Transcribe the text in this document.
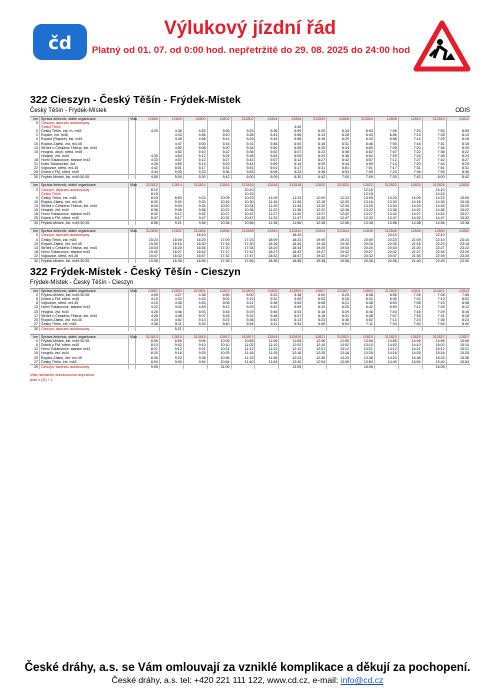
čd
Výlukový jízdní řád
Platný od 01. 07. od 0:00 hod. nepřetržitě do 29. 08. 2025 do 24:00 hod
322 Cieszyn - Český Těšín - Frýdek-Místek
Český Těšín - Frýdek-Místek	ODIS
km	Správa železnic, státní organizace	Vlak	12860	12800	32800	12802	312802	12804	12806	312800	12808	312804	12808	12810	312810	12812
0	Cieszyn, dworzec autobusowy															
	Český Těšín								4:40							
0	Český Těšín, žst. m. m45		4:25	4:36	4:53	5:36	5:23	5:36	6:09	6:20	6:34	6:53	7:08	7:23	7:53	8:09
2	Ropice, žst. m45			4:43	4:56	5:10	5:28	5:43	5:56	6:13	6:28	6:43	6:56	7:13	7:28	8:13
4	Ropice (Rapice), žst. m45			4:45	4:58	5:14	5:29	5:44	5:58	6:16	6:29	6:44	6:58	7:14	7:29	8:16
10	Ropice-Zálesí, žst. m4.45			4:47	5:00	5:16	5:31	5:46	6:00	6:18	6:31	6:46	7:00	7:16	7:31	8:18
13	Střítež u Českého Těšína, žst. m44			4:50	5:08	5:20	5:34	5:50	6:05	6:20	6:34	6:50	7:05	7:20	7:34	8:20
15	Hnojník, obch. střed. m45			4:52	5:10	5:22	5:36	5:52	6:07	6:22	6:36	6:52	7:07	7:22	7:36	8:22
	Hnojník, žst. m44		4:30	4:54	5:12	5:24	5:38	5:54	6:09	6:24	6:38	6:54	7:09	7:24	7:38	8:24
18	Horní Tošanovice, stanice m43		4:33	4:57	5:12	5:27	5:42	5:57	6:12	6:27	6:42	6:57	7:12	7:27	7:42	8:27
21	Dolní Tošanovice, žst.		4:35	4:59	5:14	5:29	5:44	5:59	6:14	6:29	6:44	6:59	7:14	7:29	7:44	8:29
22	Vojkovice, střed. m4.45		4:42	5:01	5:17	5:31	5:51	6:01	6:17	6:31	6:51	7:01	7:17	7:31	7:51	8:31
25	Dobrá u FM, střed. m45		4:44	5:05	5:23	5:36	5:53	6:05	6:23	6:36	6:53	7:05	7:23	7:36	7:53	8:36
30	Frýdek-Místek, žst. m49.50.55		4:50	5:09	5:30	5:42	6:00	6:09	6:30	6:42	7:00	7:09	7:30	7:42	8:00	8:42
km	Správa železnic, státní organizace	Vlak	312812	12814	312814	12816	312816	12818	312818	12820	312820	12822	312822	12824	312826	12830
0	Cieszyn, dworzec autobusowy		8:10				10:10					12:10			14:10	
	Český Těšín		8:15				10:15					12:15			14:15	
0	Český Těšín, žst. m45		8:20	8:53	9:23	10:09	10:23	11:09	11:23	12:09	12:23	13:09	13:23	14:09	14:23	15:09
10	Ropice-Zálesí, žst. m4.45		8:30	9:00	9:30	10:16	10:30	11:16	11:30	12:16	12:30	13:16	13:30	14:16	14:30	15:16
13	Střítež u Českého Těšína, žst. m44		8:34	9:04	9:34	10:20	10:34	11:20	11:34	12:20	12:34	13:20	13:34	14:20	14:34	15:20
15	Hnojník, žst. m44		8:36	9:06	9:36	10:22	10:36	11:22	11:36	12:22	12:36	13:22	13:36	14:22	14:36	15:22
18	Horní Tošanovice, stanice m43		8:42	9:12	9:42	10:27	10:42	11:27	11:42	12:27	12:42	13:27	13:42	14:27	14:42	15:27
25	Dobrá u FM, střed. m45		8:47	9:17	9:47	10:32	10:47	11:32	11:47	12:32	12:47	13:32	13:47	14:32	14:47	15:32
30	Frýdek-Místek, žst. m49.50.55		8:56	9:21	9:56	10:38	10:56	11:38	11:56	12:38	12:56	13:38	13:56	14:38	14:56	15:38
km	Správa železnic, státní organizace	Vlak	312830	12832	312834	12836	312838	12840	312842	12844	312844	12846	312846	12848	12850	12852
0	Cieszyn, dworzec autobusowy				16:10				18:10				20:10		22:10	
0	Český Těšín, žst. m45		15:23	16:09	16:23	17:09	17:23	18:09	18:23	19:09	19:23	20:09	20:23	21:09	22:15	23:10
10	Ropice-Zálesí, žst. m4.45		15:30	16:16	16:30	17:16	17:30	18:16	18:30	19:16	19:30	20:16	20:30	21:16	22:23	23:18
13	Střítež u Českého Těšína, žst. m44		15:34	16:20	16:34	17:20	17:34	18:20	18:34	19:20	19:34	20:20	20:34	21:20	22:27	23:22
18	Horní Tošanovice, stanice m43		15:42	16:27	16:42	17:27	17:42	18:27	18:42	19:27	19:42	20:27	20:42	21:27	22:34	23:29
22	Vojkovice, střed. m4.45		15:47	16:32	16:47	17:32	17:47	18:32	18:47	19:32	19:47	20:32	20:47	21:35	22:39	23:34
30	Frýdek-Místek, žst. m49.50.55		15:56	16:38	16:56	17:38	17:56	18:38	18:56	19:38	19:56	20:38	20:56	21:40	22:45	23:40
322 Frýdek-Místek - Český Těšín - Cieszyn
Frýdek-Místek - Český Těšín - Cieszyn
km	Správa železnic, státní organizace	Vlak	12801	12803	312801	12803	312803	12805	312805	12807	312807	12809	312809	12811	312811	12813
0	Frýdek-Místek, žst. m49.50.55		4:05	4:27	4:38	4:55	5:00	5:22	5:38	6:00	6:25	6:38	6:55	7:05	7:08	7:55
5	Dobrá u FM, střed. m45		4:10	4:32	4:43	5:02	5:15	5:32	5:40	6:02	6:15	6:32	6:40	7:02	7:10	8:02
8	Vojkovice, střed. m4.45		4:15	4:38	4:53	5:08	5:21	5:38	5:53	6:08	6:21	6:38	6:53	7:08	7:15	8:08
12	Horní Tošanovice, stanice m43		4:22	4:42	4:59	5:12	5:25	5:42	5:59	6:12	6:25	6:42	6:59	7:12	7:25	8:12
15	Hnojník, žst. m44		4:26	4:46	5:03	5:16	5:29	5:46	6:03	6:16	6:29	6:46	7:03	7:16	7:29	8:16
17	Střítež u Českého Těšína, žst. m44		4:28	4:48	5:07	5:18	5:31	5:48	6:07	6:18	6:31	6:48	7:07	7:18	7:31	8:18
20	Ropice-Zálesí, žst. m4.45		4:33	4:52	5:13	5:23	5:36	5:52	6:13	6:23	6:36	6:52	7:13	7:23	7:36	8:23
27	Český Těšín, žst. m45		4:38	5:11	5:34	5:40	5:54	6:11	6:34	6:40	6:54	7:11	7:34	7:40	7:54	8:40
30	Cieszyn, dworzec autobusowy			5:21												
km	Správa železnic, státní organizace	Vlak	312813	12815	312815	12817	312817	12819	312819	12821	312821	12823	312823	12825	312827	12827
0	Frýdek-Místek, žst. m49.50.55		8:06	8:55	9:06	10:06	10:55	11:06	11:55	12:06	12:55	13:06	13:55	14:06	14:55	15:06
5	Dobrá u FM, střed. m45		8:10	9:02	9:10	10:10	11:02	11:10	12:02	12:10	13:02	13:10	14:02	14:10	15:02	15:10
12	Horní Tošanovice, stanice m43		8:21	9:12	9:21	10:21	11:12	11:21	12:12	12:21	13:12	13:21	14:12	14:21	15:12	15:21
15	Hnojník, žst. m44		8:25	9:16	9:25	10:25	11:16	11:25	12:16	12:25	13:16	13:25	14:16	14:25	15:16	15:25
20	Ropice-Zálesí, žst. m4.45		8:36	9:23	9:36	10:36	11:23	11:36	12:23	12:36	13:23	13:36	14:23	14:36	15:23	15:36
27	Český Těšín, žst. m45		8:54	9:40	9:54	10:54	11:40	11:54	12:40	12:54	13:40	13:54	14:40	14:54	15:40	15:54
30	Cieszyn, dworzec autobusowy		9:05			11:05			13:05			15:05			16:05	
Vlak nahrazen autobusovou dopravou
jede v (D) + 1
České dráhy, a.s. se Vám omlouvají za vzniklé komplikace a děkují za pochopení.
České dráhy, a.s. tel: +420 221 111 122, www.cd.cz, e-mail: info@cd.cz
